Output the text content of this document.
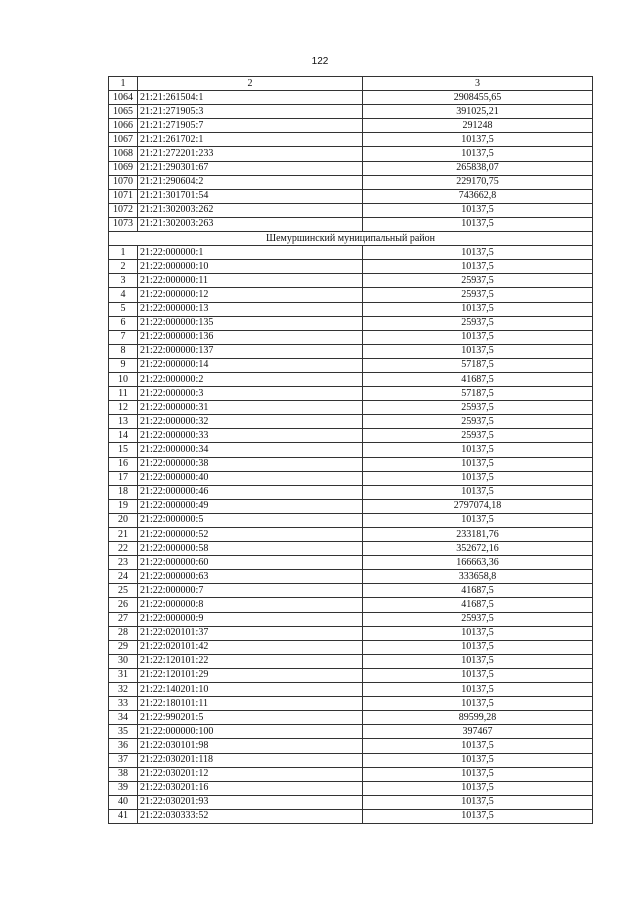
122
1	2	3
1064	21:21:261504:1	2908455,65
1065	21:21:271905:3	391025,21
1066	21:21:271905:7	291248
1067	21:21:261702:1	10137,5
1068	21:21:272201:233	10137,5
1069	21:21:290301:67	265838,07
1070	21:21:290604:2	229170,75
1071	21:21:301701:54	743662,8
1072	21:21:302003:262	10137,5
1073	21:21:302003:263	10137,5
Шемуршинский муниципальный район		
1	21:22:000000:1	10137,5
2	21:22:000000:10	10137,5
3	21:22:000000:11	25937,5
4	21:22:000000:12	25937,5
5	21:22:000000:13	10137,5
6	21:22:000000:135	25937,5
7	21:22:000000:136	10137,5
8	21:22:000000:137	10137,5
9	21:22:000000:14	57187,5
10	21:22:000000:2	41687,5
11	21:22:000000:3	57187,5
12	21:22:000000:31	25937,5
13	21:22:000000:32	25937,5
14	21:22:000000:33	25937,5
15	21:22:000000:34	10137,5
16	21:22:000000:38	10137,5
17	21:22:000000:40	10137,5
18	21:22:000000:46	10137,5
19	21:22:000000:49	2797074,18
20	21:22:000000:5	10137,5
21	21:22:000000:52	233181,76
22	21:22:000000:58	352672,16
23	21:22:000000:60	166663,36
24	21:22:000000:63	333658,8
25	21:22:000000:7	41687,5
26	21:22:000000:8	41687,5
27	21:22:000000:9	25937,5
28	21:22:020101:37	10137,5
29	21:22:020101:42	10137,5
30	21:22:120101:22	10137,5
31	21:22:120101:29	10137,5
32	21:22:140201:10	10137,5
33	21:22:180101:11	10137,5
34	21:22:990201:5	89599,28
35	21:22:000000:100	397467
36	21:22:030101:98	10137,5
37	21:22:030201:118	10137,5
38	21:22:030201:12	10137,5
39	21:22:030201:16	10137,5
40	21:22:030201:93	10137,5
41	21:22:030333:52	10137,5
